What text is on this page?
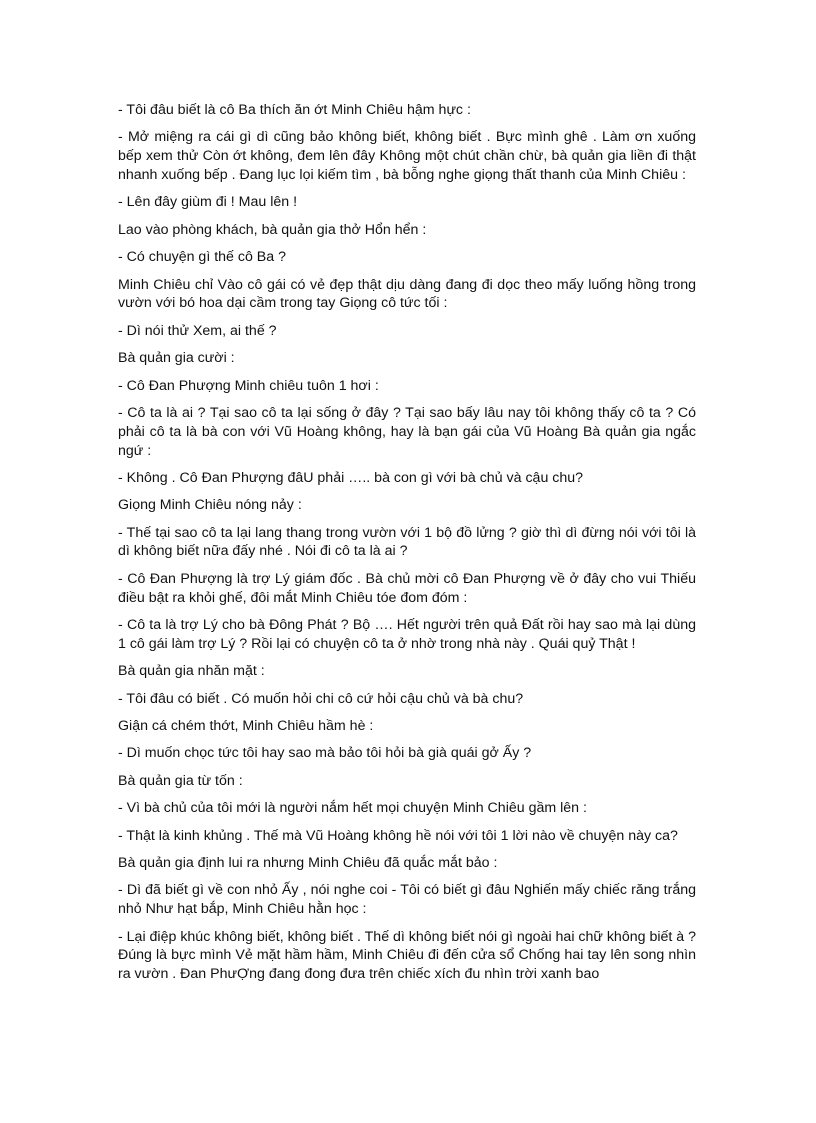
- Tôi đâu biết là cô Ba thích ăn ớt Minh Chiêu hậm hực :

- Mở miệng ra cái gì dì cũng bảo không biết, không biết . Bực mình ghê . Làm ơn xuống bếp xem thử Còn ớt không, đem lên đây Không một chút chần chừ, bà quản gia liền đi thật nhanh xuống bếp . Đang lục lọi kiếm tìm , bà bỗng nghe giọng thất thanh của Minh Chiêu :

- Lên đây giùm đi ! Mau lên !

Lao vào phòng khách, bà quản gia thở Hổn hển :

- Có chuyện gì thế cô Ba ?

Minh Chiêu chỉ Vào cô gái có vẻ đẹp thật dịu dàng đang đi dọc theo mấy luống hồng trong vườn với bó hoa dại cầm trong tay Giọng cô tức tối :

- Dì nói thử Xem, ai thế ?

Bà quản gia cười :

- Cô Đan Phượng Minh chiêu tuôn 1 hơi :

- Cô ta là ai ? Tại sao cô ta lại sống ở đây ? Tại sao bấy lâu nay tôi không thấy cô ta ? Có phải cô ta là bà con với Vũ Hoàng không, hay là bạn gái của Vũ Hoàng Bà quản gia ngắc ngứ :

- Không . Cô Đan Phượng đâU phải ….. bà con gì với bà chủ và cậu chu?

Giọng Minh Chiêu nóng nảy :

- Thế tại sao cô ta lại lang thang trong vườn với 1 bộ đồ lửng ? giờ thì dì đừng nói với tôi là dì không biết nữa đấy nhé . Nói đi cô ta là ai ?

- Cô Đan Phượng là trợ Lý giám đốc . Bà chủ mời cô Đan Phượng về ở đây cho vui Thiếu điều bật ra khỏi ghế, đôi mắt Minh Chiêu tóe đom đóm :

- Cô ta là trợ Lý cho bà Đông Phát ? Bộ …. Hết người trên quả Đất rồi hay sao mà lại dùng 1 cô gái làm trợ Lý ? Rồi lại có chuyện cô ta ở nhờ trong nhà này . Quái quỷ Thật !

Bà quản gia nhăn mặt :

- Tôi đâu có biết . Có muốn hỏi chi cô cứ hỏi cậu chủ và bà chu?

Giận cá chém thớt, Minh Chiêu hầm hè :

- Dì muốn chọc tức tôi hay sao mà bảo tôi hỏi bà già quái gở Ấy ?

Bà quản gia từ tốn :

- Vì bà chủ của tôi mới là người nắm hết mọi chuyện Minh Chiêu gầm lên :

- Thật là kinh khủng . Thế mà Vũ Hoàng không hề nói với tôi 1 lời nào về chuyện này ca?

Bà quản gia định lui ra nhưng Minh Chiêu đã quắc mắt bảo :

- Dì đã biết gì về con nhỏ Ấy , nói nghe coi - Tôi có biết gì đâu Nghiến mấy chiếc răng trắng nhỏ Như hạt bắp, Minh Chiêu hằn học :

- Lại điệp khúc không biết, không biết . Thế dì không biết nói gì ngoài hai chữ không biết à ? Đúng là bực mình Vẻ mặt hầm hầm, Minh Chiêu đi đến cửa sổ Chống hai tay lên song nhìn ra vườn . Đan PhưỢng đang đong đưa trên chiếc xích đu nhìn trời xanh bao
